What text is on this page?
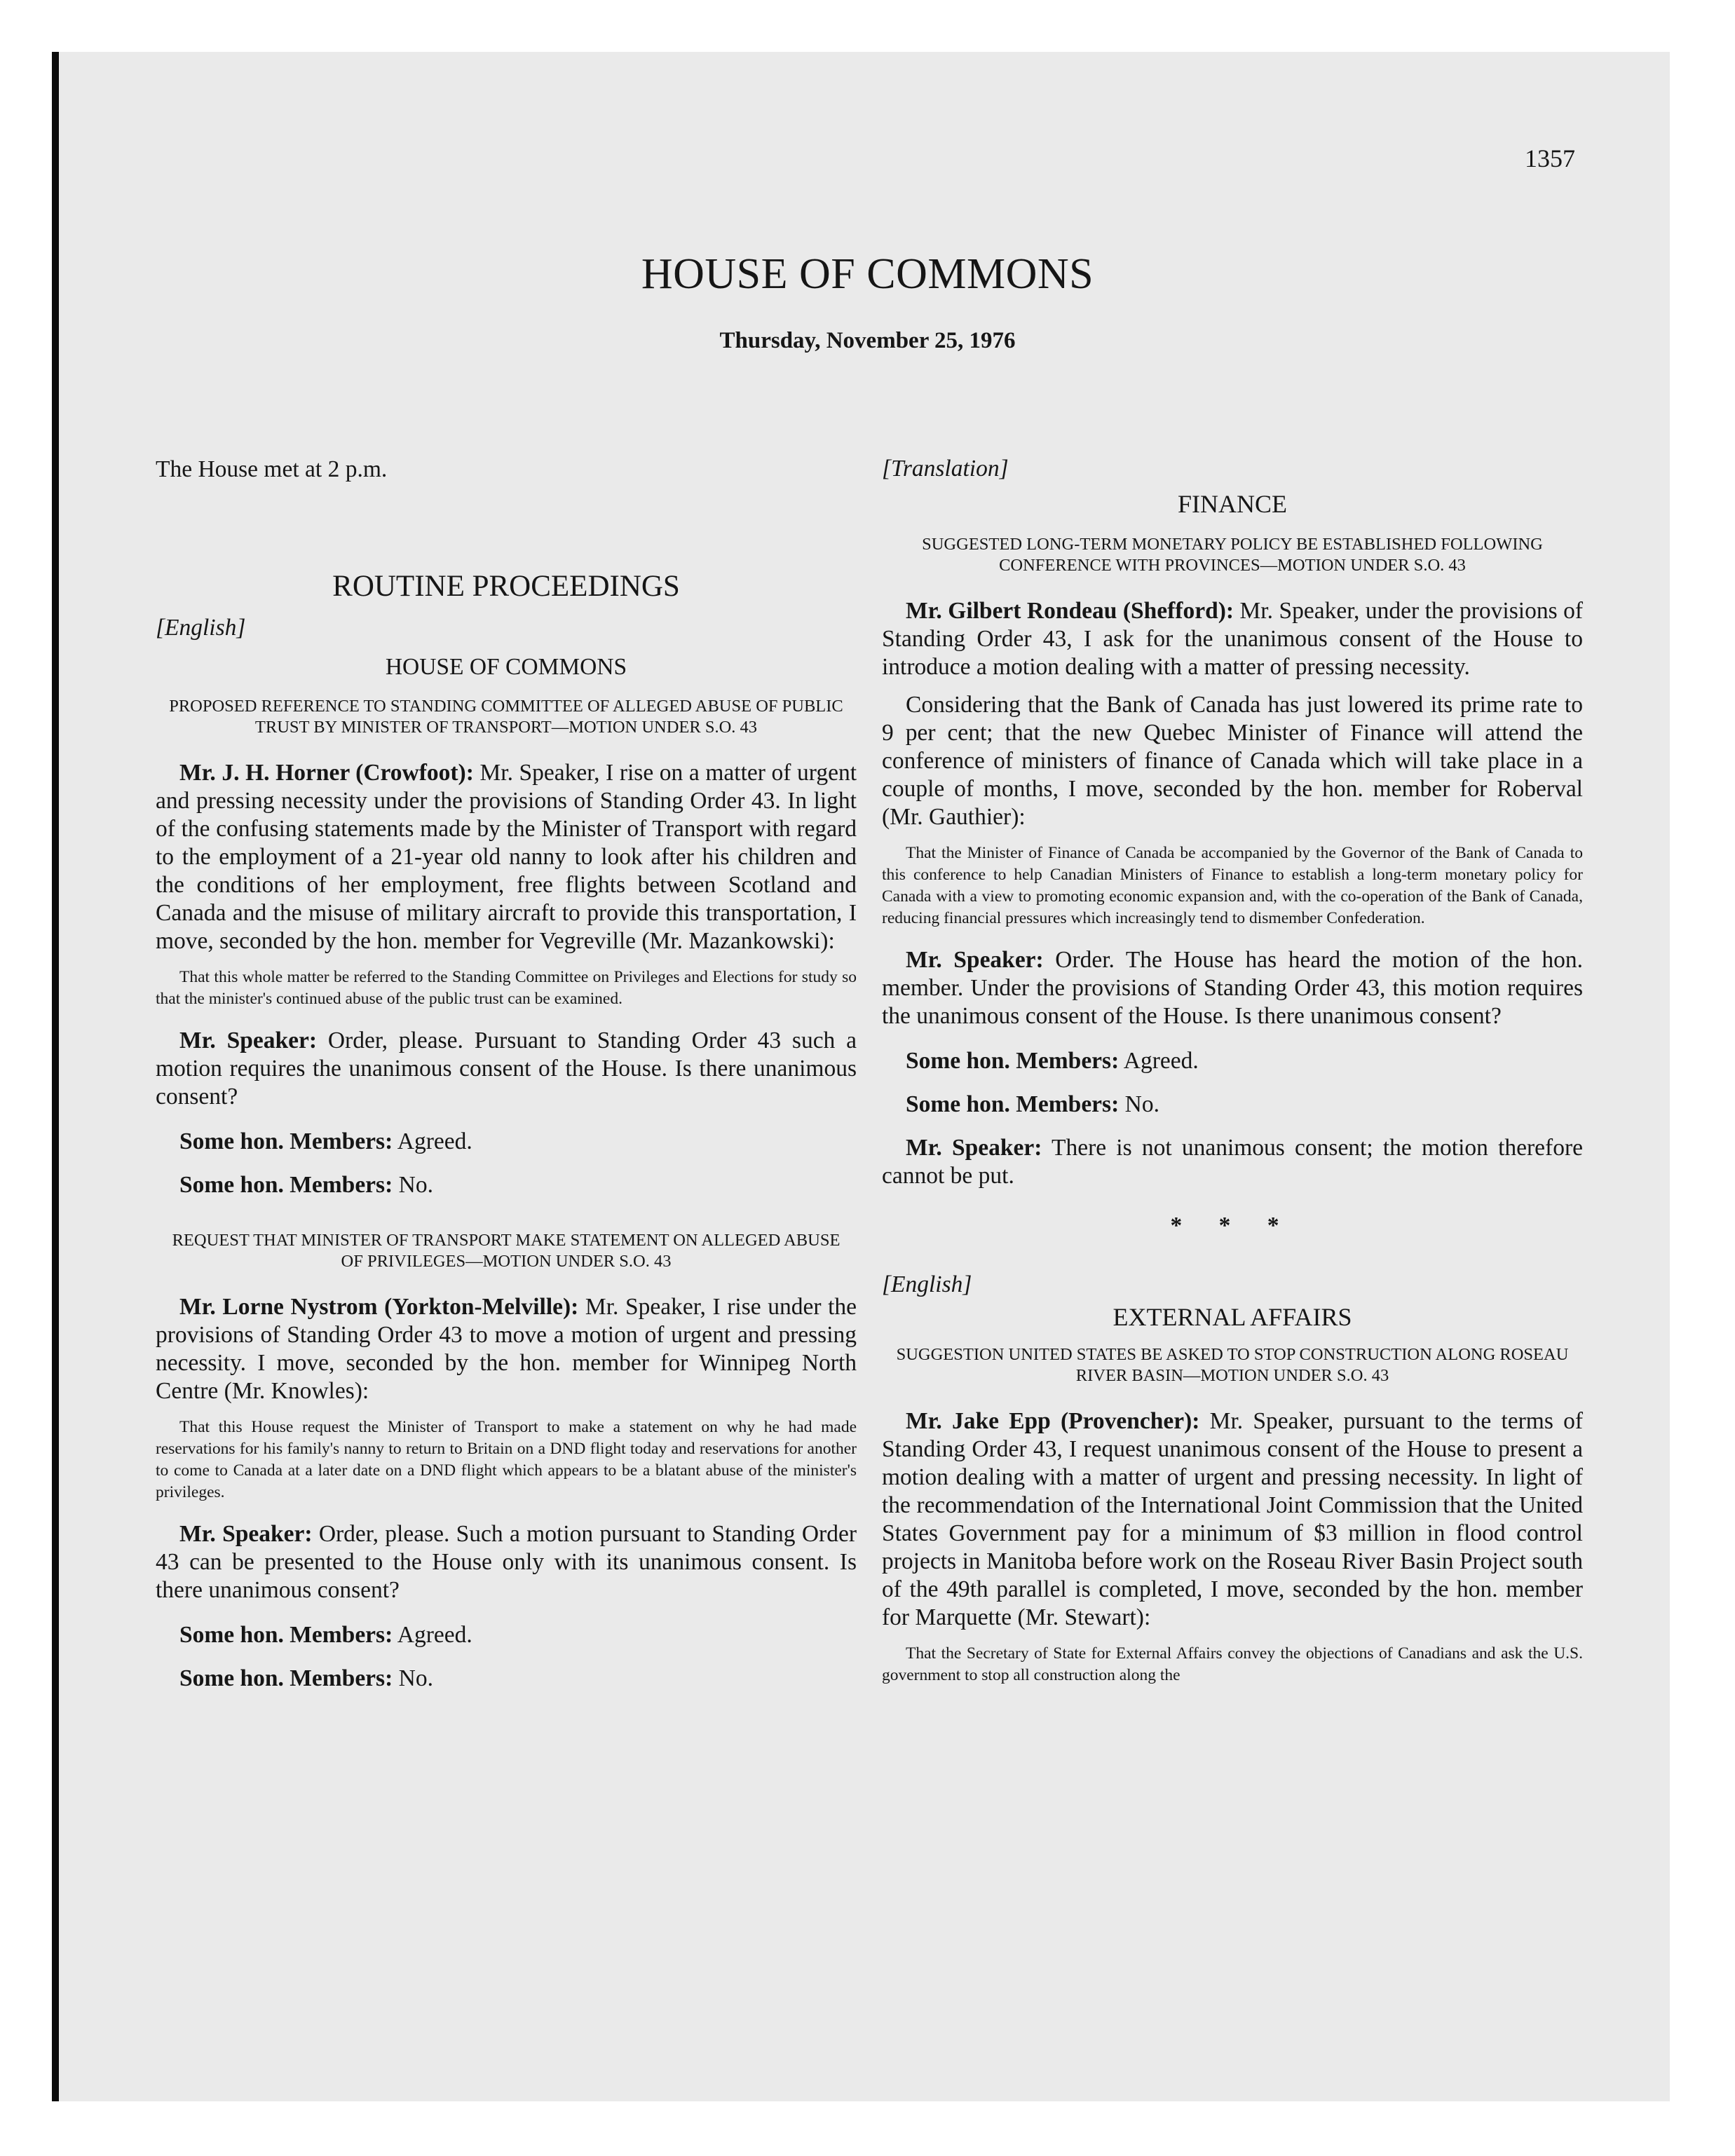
1357
HOUSE OF COMMONS
Thursday, November 25, 1976

The House met at 2 p.m.

ROUTINE PROCEEDINGS

[English]

HOUSE OF COMMONS

PROPOSED REFERENCE TO STANDING COMMITTEE OF ALLEGED ABUSE OF PUBLIC TRUST BY MINISTER OF TRANSPORT—MOTION UNDER S.O. 43

Mr. J. H. Horner (Crowfoot): Mr. Speaker, I rise on a matter of urgent and pressing necessity under the provisions of Standing Order 43. In light of the confusing statements made by the Minister of Transport with regard to the employment of a 21-year old nanny to look after his children and the conditions of her employment, free flights between Scotland and Canada and the misuse of military aircraft to provide this transportation, I move, seconded by the hon. member for Vegreville (Mr. Mazankowski):

That this whole matter be referred to the Standing Committee on Privileges and Elections for study so that the minister's continued abuse of the public trust can be examined.

Mr. Speaker: Order, please. Pursuant to Standing Order 43 such a motion requires the unanimous consent of the House. Is there unanimous consent?

Some hon. Members: Agreed.

Some hon. Members: No.

REQUEST THAT MINISTER OF TRANSPORT MAKE STATEMENT ON ALLEGED ABUSE OF PRIVILEGES—MOTION UNDER S.O. 43

Mr. Lorne Nystrom (Yorkton-Melville): Mr. Speaker, I rise under the provisions of Standing Order 43 to move a motion of urgent and pressing necessity. I move, seconded by the hon. member for Winnipeg North Centre (Mr. Knowles):

That this House request the Minister of Transport to make a statement on why he had made reservations for his family's nanny to return to Britain on a DND flight today and reservations for another to come to Canada at a later date on a DND flight which appears to be a blatant abuse of the minister's privileges.

Mr. Speaker: Order, please. Such a motion pursuant to Standing Order 43 can be presented to the House only with its unanimous consent. Is there unanimous consent?

Some hon. Members: Agreed.

Some hon. Members: No.

[Translation]

FINANCE

SUGGESTED LONG-TERM MONETARY POLICY BE ESTABLISHED FOLLOWING CONFERENCE WITH PROVINCES—MOTION UNDER S.O. 43

Mr. Gilbert Rondeau (Shefford): Mr. Speaker, under the provisions of Standing Order 43, I ask for the unanimous consent of the House to introduce a motion dealing with a matter of pressing necessity.

Considering that the Bank of Canada has just lowered its prime rate to 9 per cent; that the new Quebec Minister of Finance will attend the conference of ministers of finance of Canada which will take place in a couple of months, I move, seconded by the hon. member for Roberval (Mr. Gauthier):

That the Minister of Finance of Canada be accompanied by the Governor of the Bank of Canada to this conference to help Canadian Ministers of Finance to establish a long-term monetary policy for Canada with a view to promoting economic expansion and, with the co-operation of the Bank of Canada, reducing financial pressures which increasingly tend to dismember Confederation.

Mr. Speaker: Order. The House has heard the motion of the hon. member. Under the provisions of Standing Order 43, this motion requires the unanimous consent of the House. Is there unanimous consent?

Some hon. Members: Agreed.

Some hon. Members: No.

Mr. Speaker: There is not unanimous consent; the motion therefore cannot be put.

* * *

[English]

EXTERNAL AFFAIRS

SUGGESTION UNITED STATES BE ASKED TO STOP CONSTRUCTION ALONG ROSEAU RIVER BASIN—MOTION UNDER S.O. 43

Mr. Jake Epp (Provencher): Mr. Speaker, pursuant to the terms of Standing Order 43, I request unanimous consent of the House to present a motion dealing with a matter of urgent and pressing necessity. In light of the recommendation of the International Joint Commission that the United States Government pay for a minimum of $3 million in flood control projects in Manitoba before work on the Roseau River Basin Project south of the 49th parallel is completed, I move, seconded by the hon. member for Marquette (Mr. Stewart):

That the Secretary of State for External Affairs convey the objections of Canadians and ask the U.S. government to stop all construction along the
